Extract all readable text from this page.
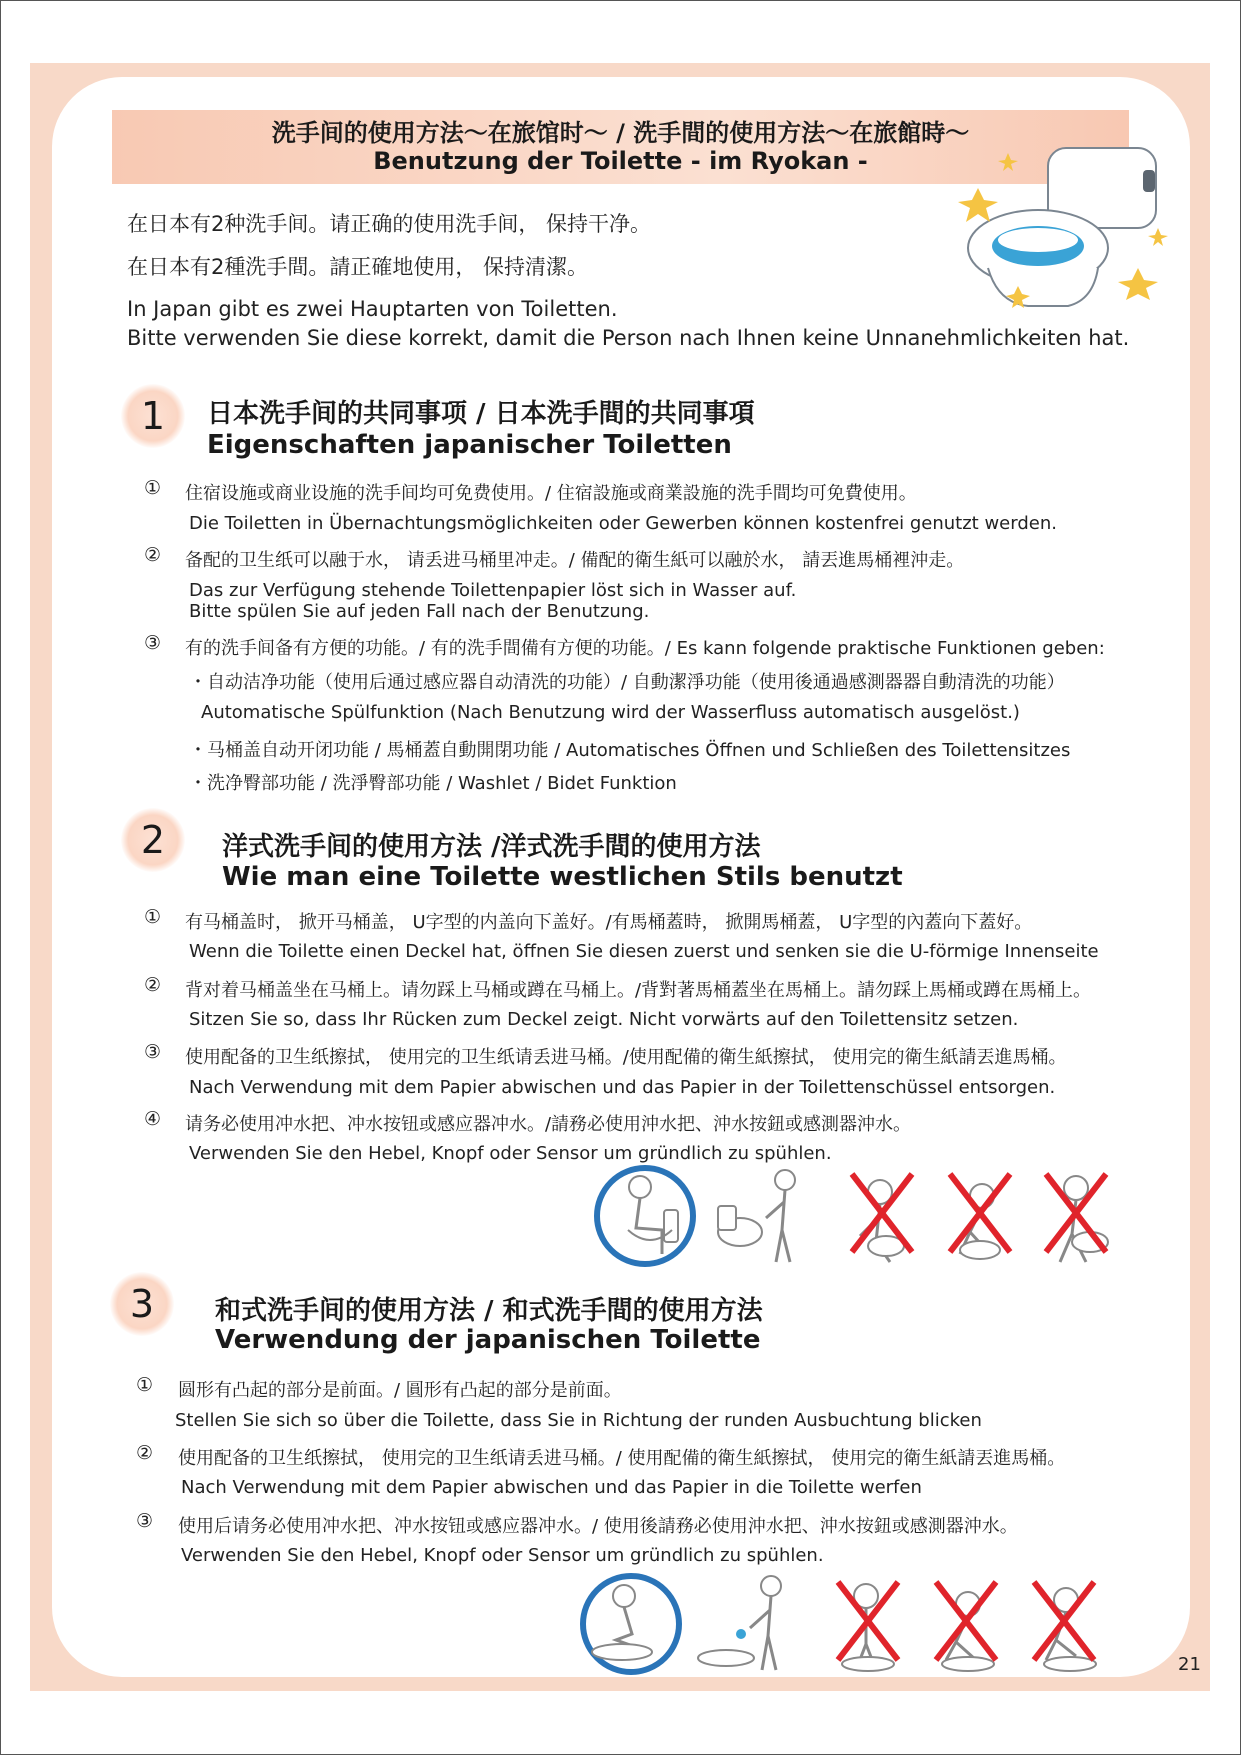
洗手间的使用方法～在旅馆时～ / 洗手間的使用方法～在旅館時～
Benutzung der Toilette - im Ryokan -
在日本有2种洗手间。请正确的使用洗手间， 保持干净。
在日本有2種洗手間。請正確地使用， 保持清潔。
In Japan gibt es zwei Hauptarten von Toiletten.
Bitte verwenden Sie diese korrekt, damit die Person nach Ihnen keine Unnanehmlichkeiten hat.
1	日本洗手间的共同事项 / 日本洗手間的共同事項
Eigenschaften japanischer Toiletten
① 住宿设施或商业设施的洗手间均可免费使用。/ 住宿設施或商業設施的洗手間均可免費使用。
Die Toiletten in Übernachtungsmöglichkeiten oder Gewerben können kostenfrei genutzt werden.
② 备配的卫生纸可以融于水， 请丢进马桶里冲走。/ 備配的衛生紙可以融於水， 請丟進馬桶裡沖走。
Das zur Verfügung stehende Toilettenpapier löst sich in Wasser auf.
Bitte spülen Sie auf jeden Fall nach der Benutzung.
③ 有的洗手间备有方便的功能。/ 有的洗手間備有方便的功能。/ Es kann folgende praktische Funktionen geben:
・自动洁净功能（使用后通过感应器自动清洗的功能）/ 自動潔淨功能（使用後通過感測器器自動清洗的功能）
Automatische Spülfunktion (Nach Benutzung wird der Wasserfluss automatisch ausgelöst.)
・马桶盖自动开闭功能 / 馬桶蓋自動開閉功能 / Automatisches Öffnen und Schließen des Toilettensitzes
・洗净臀部功能 / 洗淨臀部功能 / Washlet / Bidet Funktion
2	洋式洗手间的使用方法 /洋式洗手間的使用方法
Wie man eine Toilette westlichen Stils benutzt
① 有马桶盖时， 掀开马桶盖， U字型的内盖向下盖好。/有馬桶蓋時， 掀開馬桶蓋， U字型的內蓋向下蓋好。
Wenn die Toilette einen Deckel hat, öffnen Sie diesen zuerst und senken sie die U-förmige Innenseite
② 背对着马桶盖坐在马桶上。请勿踩上马桶或蹲在马桶上。/背對著馬桶蓋坐在馬桶上。請勿踩上馬桶或蹲在馬桶上。
Sitzen Sie so, dass Ihr Rücken zum Deckel zeigt. Nicht vorwärts auf den Toilettensitz setzen.
③ 使用配备的卫生纸擦拭， 使用完的卫生纸请丢进马桶。/使用配備的衛生紙擦拭， 使用完的衛生紙請丟進馬桶。
Nach Verwendung mit dem Papier abwischen und das Papier in der Toilettenschüssel entsorgen.
④ 请务必使用冲水把、冲水按钮或感应器冲水。/請務必使用沖水把、沖水按鈕或感測器沖水。
Verwenden Sie den Hebel, Knopf oder Sensor um gründlich zu spühlen.
3	和式洗手间的使用方法 / 和式洗手間的使用方法
Verwendung der japanischen Toilette
① 圆形有凸起的部分是前面。/ 圓形有凸起的部分是前面。
Stellen Sie sich so über die Toilette, dass Sie in Richtung der runden Ausbuchtung blicken
② 使用配备的卫生纸擦拭， 使用完的卫生纸请丢进马桶。/ 使用配備的衛生紙擦拭， 使用完的衛生紙請丟進馬桶。
Nach Verwendung mit dem Papier abwischen und das Papier in die Toilette werfen
③ 使用后请务必使用冲水把、冲水按钮或感应器冲水。/ 使用後請務必使用沖水把、沖水按鈕或感測器沖水。
Verwenden Sie den Hebel, Knopf oder Sensor um gründlich zu spühlen.
21
